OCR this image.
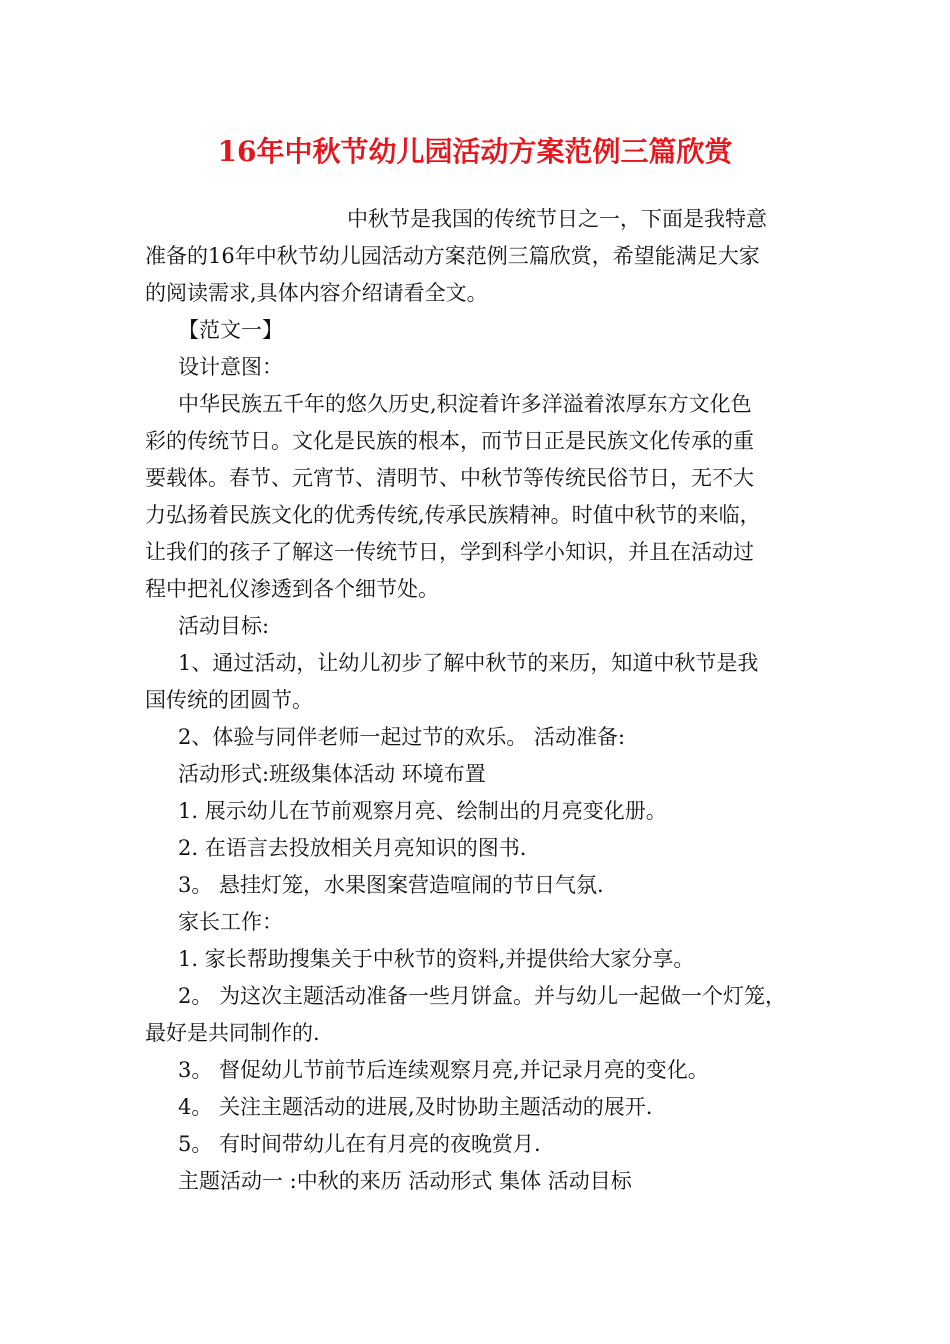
16年中秋节幼儿园活动方案范例三篇欣赏
中秋节是我国的传统节日之一，下面是我特意
准备的16年中秋节幼儿园活动方案范例三篇欣赏，希望能满足大家
的阅读需求,具体内容介绍请看全文。
【范文一】
设计意图：
中华民族五千年的悠久历史,积淀着许多洋溢着浓厚东方文化色
彩的传统节日。文化是民族的根本，而节日正是民族文化传承的重
要载体。春节、元宵节、清明节、中秋节等传统民俗节日，无不大
力弘扬着民族文化的优秀传统,传承民族精神。时值中秋节的来临，
让我们的孩子了解这一传统节日，学到科学小知识，并且在活动过
程中把礼仪渗透到各个细节处。
活动目标:
1、通过活动，让幼儿初步了解中秋节的来历，知道中秋节是我
国传统的团圆节。
2、体验与同伴老师一起过节的欢乐。 活动准备:
活动形式:班级集体活动 环境布置
1. 展示幼儿在节前观察月亮、绘制出的月亮变化册。
2. 在语言去投放相关月亮知识的图书.
3。 悬挂灯笼，水果图案营造喧闹的节日气氛.
家长工作：
1. 家长帮助搜集关于中秋节的资料,并提供给大家分享。
2。 为这次主题活动准备一些月饼盒。并与幼儿一起做一个灯笼，
最好是共同制作的.
3。 督促幼儿节前节后连续观察月亮,并记录月亮的变化。
4。 关注主题活动的进展,及时协助主题活动的展开.
5。 有时间带幼儿在有月亮的夜晚赏月.
主题活动一 :中秋的来历 活动形式 集体 活动目标
